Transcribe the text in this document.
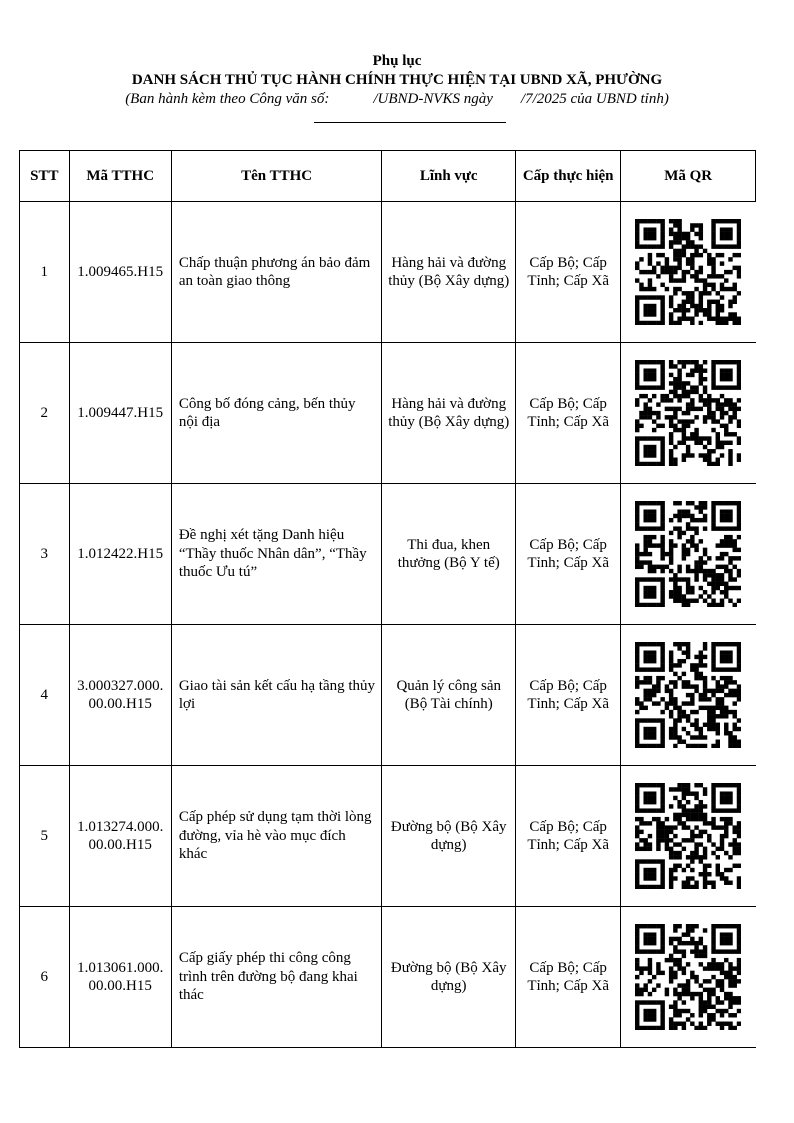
Phụ lục
DANH SÁCH THỦ TỤC HÀNH CHÍNH THỰC HIỆN TẠI UBND XÃ, PHƯỜNG
(Ban hành kèm theo Công văn số:	/UBND-NVKS ngày /7/2025 của UBND tỉnh)
STT	Mã TTHC	Tên TTHC	Lĩnh vực	Cấp thực hiện	Mã QR
1	1.009465.H15	Chấp thuận phương án bảo đảm an toàn giao thông	Hàng hải và đường thủy (Bộ Xây dựng)	Cấp Bộ; Cấp Tỉnh; Cấp Xã	

2	1.009447.H15	Công bố đóng cảng, bến thủy nội địa	Hàng hải và đường thủy (Bộ Xây dựng)	Cấp Bộ; Cấp Tỉnh; Cấp Xã	

3	1.012422.H15	Đề nghị xét tặng Danh hiệu “Thầy thuốc Nhân dân”, “Thầy thuốc Ưu tú”	Thi đua, khen thưởng (Bộ Y tế)	Cấp Bộ; Cấp Tỉnh; Cấp Xã	

4	3.000327.000.00.00.H15	Giao tài sản kết cấu hạ tầng thủy lợi	Quản lý công sản (Bộ Tài chính)	Cấp Bộ; Cấp Tỉnh; Cấp Xã	

5	1.013274.000.00.00.H15	Cấp phép sử dụng tạm thời lòng đường, vỉa hè vào mục đích khác	Đường bộ (Bộ Xây dựng)	Cấp Bộ; Cấp Tỉnh; Cấp Xã	

6	1.013061.000.00.00.H15	Cấp giấy phép thi công công trình trên đường bộ đang khai thác	Đường bộ (Bộ Xây dựng)	Cấp Bộ; Cấp Tỉnh; Cấp Xã	
